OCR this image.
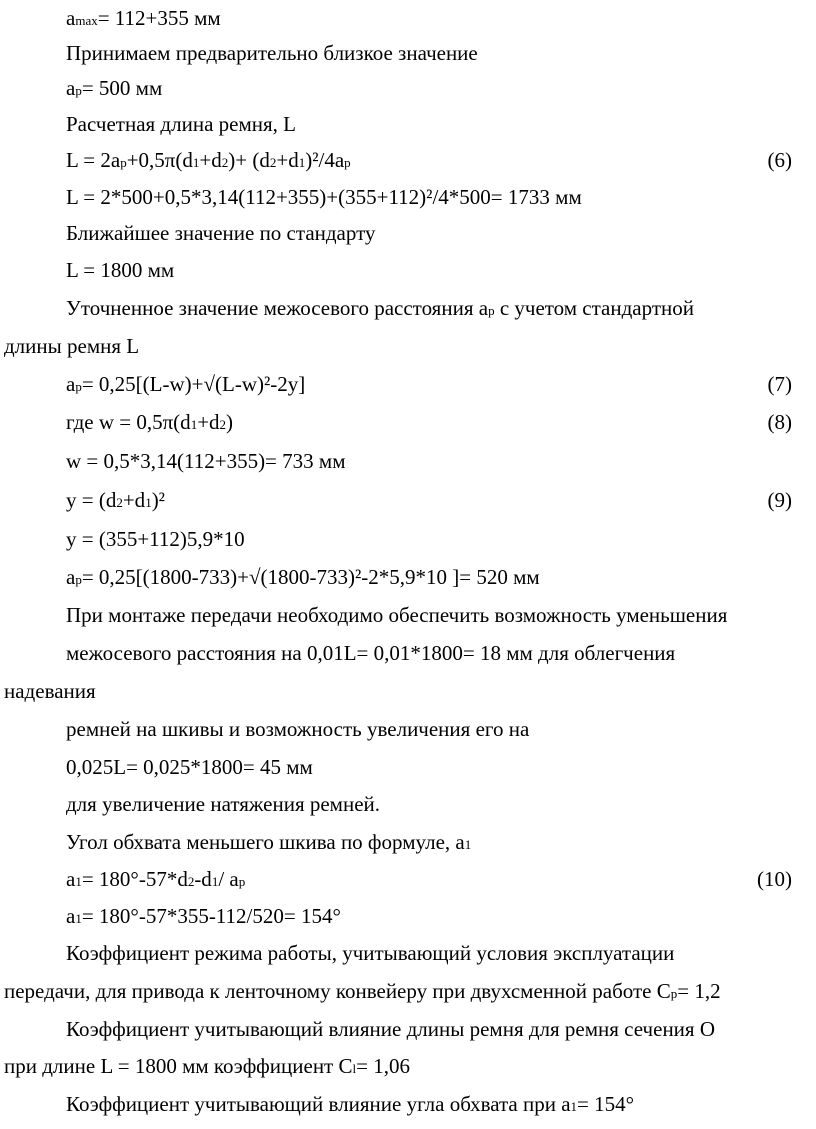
amax= 112+355 мм
Принимаем предварительно близкое значение
ap= 500 мм
Расчетная длина ремня, L
L = 2ap+0,5π(d1+d2)+ (d2+d1)²/4ap	(6)
L = 2*500+0,5*3,14(112+355)+(355+112)²/4*500= 1733 мм
Ближайшее значение по стандарту
L = 1800 мм
Уточненное значение межосевого расстояния ap с учетом стандартной
длины ремня L
ap= 0,25[(L-w)+√(L-w)²-2y]	(7)
где w = 0,5π(d1+d2)	(8)
w = 0,5*3,14(112+355)= 733 мм
y = (d2+d1)²	(9)
y = (355+112)5,9*10
ap= 0,25[(1800-733)+√(1800-733)²-2*5,9*10 ]= 520 мм
При монтаже передачи необходимо обеспечить возможность уменьшения
межосевого расстояния на 0,01L= 0,01*1800= 18 мм для облегчения
надевания
ремней на шкивы и возможность увеличения его на
0,025L= 0,025*1800= 45 мм
для увеличение натяжения ремней.
Угол обхвата меньшего шкива по формуле, a1
a1= 180°-57*d2-d1/ ap	(10)
a1= 180°-57*355-112/520= 154°
Коэффициент режима работы, учитывающий условия эксплуатации
передачи, для привода к ленточному конвейеру при двухсменной работе Cp= 1,2
Коэффициент учитывающий влияние длины ремня для ремня сечения О
при длине L = 1800 мм коэффициент Cl= 1,06
Коэффициент учитывающий влияние угла обхвата при a1= 154°
